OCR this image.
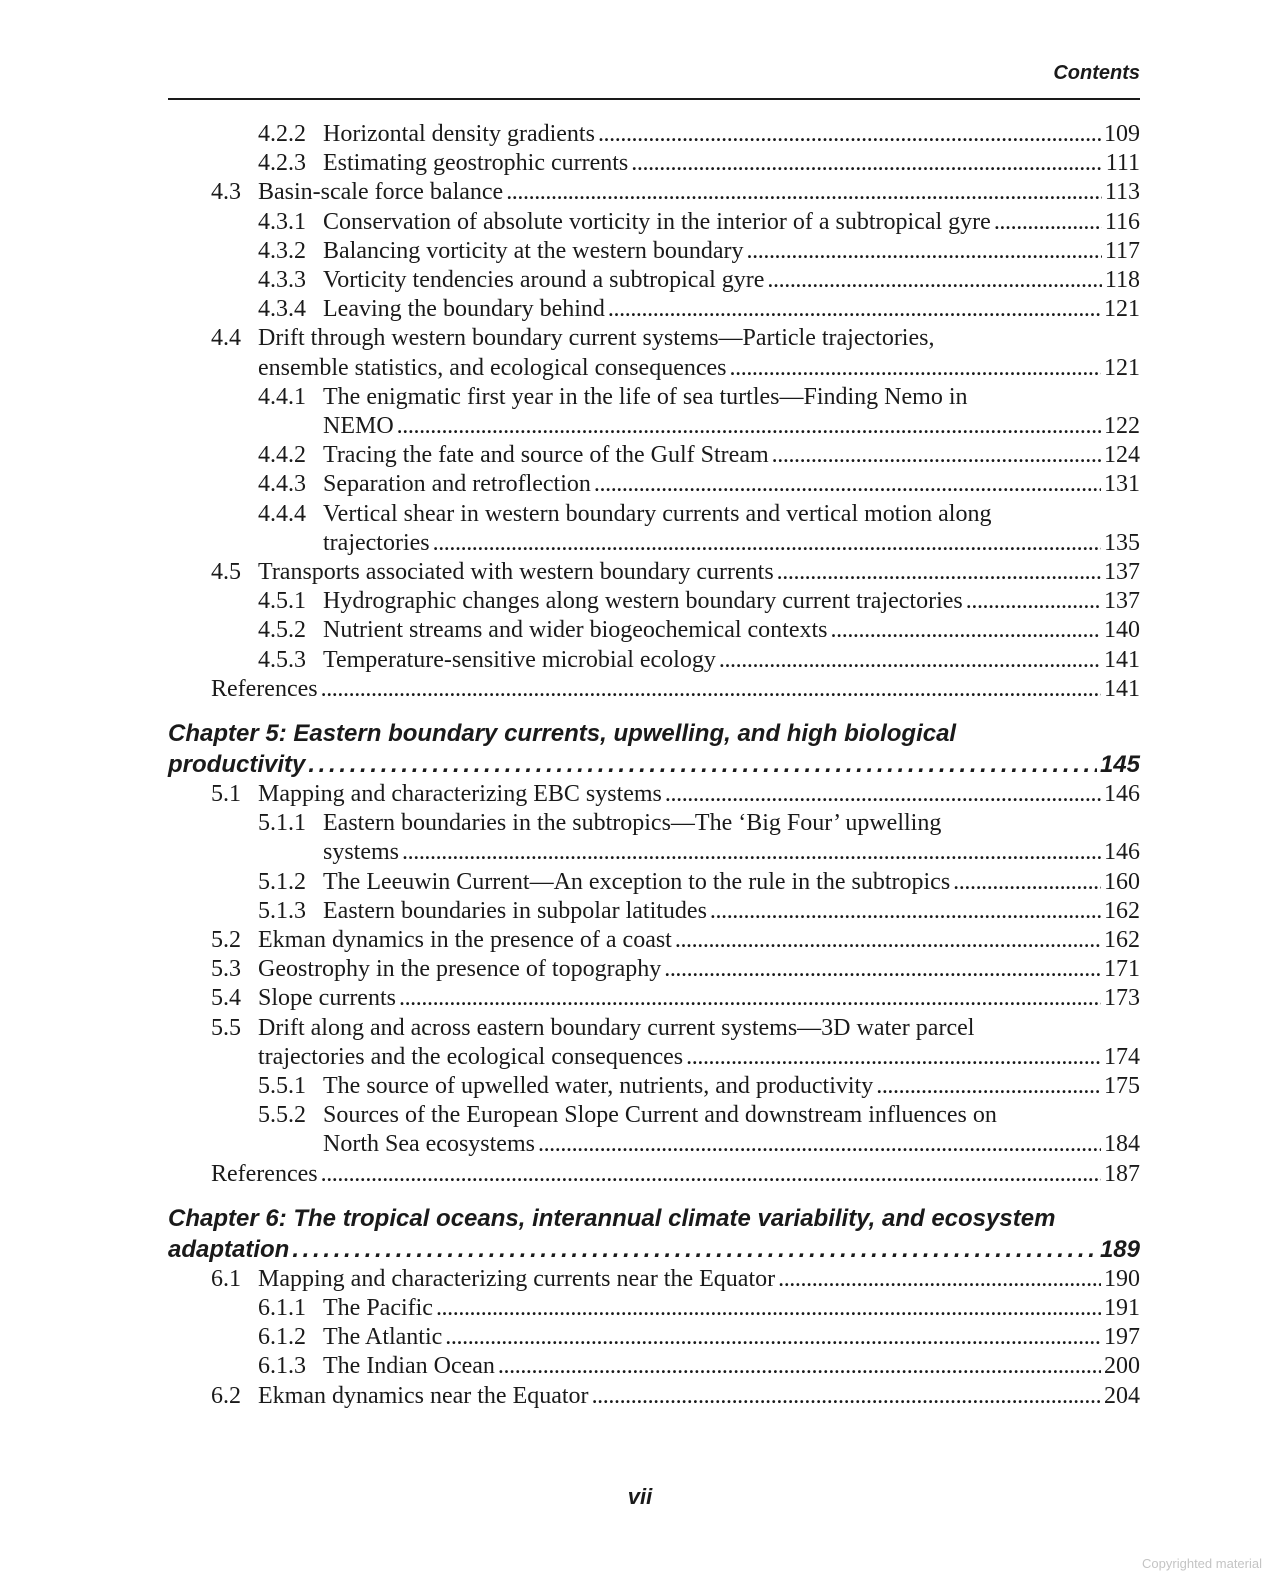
Contents
4.2.2 Horizontal density gradients . . .	109
4.2.3 Estimating geostrophic currents . . .	111
4.3 Basin-scale force balance . . .	113
4.3.1 Conservation of absolute vorticity in the interior of a subtropical gyre . . .	116
4.3.2 Balancing vorticity at the western boundary . . .	117
4.3.3 Vorticity tendencies around a subtropical gyre . . .	118
4.3.4 Leaving the boundary behind . . .	121
4.4 Drift through western boundary current systems—Particle trajectories,
ensemble statistics, and ecological consequences . . .	121
4.4.1 The enigmatic first year in the life of sea turtles—Finding Nemo in
NEMO . . .	122
4.4.2 Tracing the fate and source of the Gulf Stream . . .	124
4.4.3 Separation and retroflection . . .	131
4.4.4 Vertical shear in western boundary currents and vertical motion along
trajectories . . .	135
4.5 Transports associated with western boundary currents . . .	137
4.5.1 Hydrographic changes along western boundary current trajectories . . .	137
4.5.2 Nutrient streams and wider biogeochemical contexts . . .	140
4.5.3 Temperature-sensitive microbial ecology . . .	141
References . . .	141
Chapter 5: Eastern boundary currents, upwelling, and high biological
productivity . . .	145
5.1 Mapping and characterizing EBC systems . . .	146
5.1.1 Eastern boundaries in the subtropics—The ‘Big Four’ upwelling
systems . . .	146
5.1.2 The Leeuwin Current—An exception to the rule in the subtropics . . .	160
5.1.3 Eastern boundaries in subpolar latitudes . . .	162
5.2 Ekman dynamics in the presence of a coast . . .	162
5.3 Geostrophy in the presence of topography . . .	171
5.4 Slope currents . . .	173
5.5 Drift along and across eastern boundary current systems—3D water parcel
trajectories and the ecological consequences . . .	174
5.5.1 The source of upwelled water, nutrients, and productivity . . .	175
5.5.2 Sources of the European Slope Current and downstream influences on
North Sea ecosystems . . .	184
References . . .	187
Chapter 6: The tropical oceans, interannual climate variability, and ecosystem
adaptation . . .	189
6.1 Mapping and characterizing currents near the Equator . . .	190
6.1.1 The Pacific . . .	191
6.1.2 The Atlantic . . .	197
6.1.3 The Indian Ocean . . .	200
6.2 Ekman dynamics near the Equator . . .	204
vii
Copyrighted material
